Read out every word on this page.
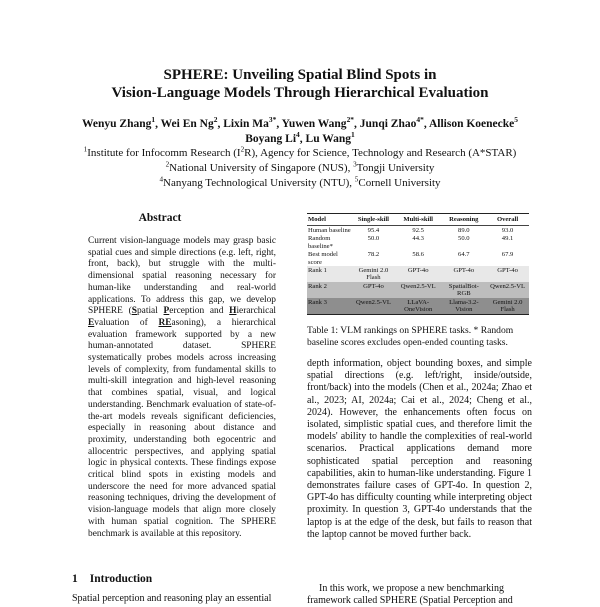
SPHERE: Unveiling Spatial Blind Spots in
Vision-Language Models Through Hierarchical Evaluation
Wenyu Zhang$^1$, Wei En Ng$^2$, Lixin $Ma^{3*}$, Yuwen Wang$^{2*}$, Junqi Zhao$^{4*}$, Allison Koenecke$^5$
Boyang Li$^4$, Lu Wang$^1$
$^1$Institute for Infocomm Research $(I^2R)$, Agency for Science, Technology and Research (A*STAR)
$^2$National University of Singapore (NUS), $^3$Tongji University
$^4$Nanyang Technological University (NTU), $^5$Cornell University
Abstract
Current vision-language models may grasp basic spatial cues and simple directions (e.g. left, right, front, back), but struggle with the multi-dimensional spatial reasoning necessary for human-like understanding and real-world applications. To address this gap, we develop SPHERE (Spatial Perception and Hierarchical Evaluation of REasoning), a hierarchical evaluation framework supported by a new human-annotated dataset. SPHERE systematically probes models across increasing levels of complexity, from fundamental skills to multi-skill integration and high-level reasoning that combines spatial, visual, and logical understanding. Benchmark evaluation of state-of-the-art models reveals significant deficiencies, especially in reasoning about distance and proximity, understanding both egocentric and allocentric perspectives, and applying spatial logic in physical contexts. These findings expose critical blind spots in existing models and underscore the need for more advanced spatial reasoning techniques, driving the development of vision-language models that align more closely with human spatial cognition. The SPHERE benchmark is available at this repository.
1 Introduction
Spatial perception and reasoning play an essential
Model	Single-skill	Multi-skill	Reasoning	Overall
Human baseline	95.4	92.5	89.0	93.0
Random baseline*	50.0	44.3	50.0	49.1
Best model score	78.2	58.6	64.7	67.9
Rank 1	Gemini 2.0 Flash	GPT-4o	GPT-4o	GPT-4o
Rank 2	GPT-4o	Qwen2.5-VL	SpatialBot-RGB	Qwen2.5-VL
Rank 3	Qwen2.5-VL	LLaVA-OneVision	Llama-3.2-Vision	Gemini 2.0 Flash
Table 1: VLM rankings on SPHERE tasks. * Random baseline scores excludes open-ended counting tasks.
depth information, object bounding boxes, and simple spatial directions (e.g. left/right, inside/outside, front/back) into the models (Chen et al., 2024a; Zhao et al., 2023; AI, 2024a; Cai et al., 2024; Cheng et al., 2024). However, the enhancements often focus on isolated, simplistic spatial cues, and therefore limit the models' ability to handle the complexities of real-world scenarios. Practical applications demand more sophisticated spatial perception and reasoning capabilities, akin to human-like understanding. Figure 1 demonstrates failure cases of GPT-4o. In question 2, GPT-4o has difficulty counting while interpreting object proximity. In question 3, GPT-4o understands that the laptop is at the edge of the desk, but fails to reason that the laptop cannot be moved further back.
In this work, we propose a new benchmarking framework called SPHERE (Spatial Perception and
